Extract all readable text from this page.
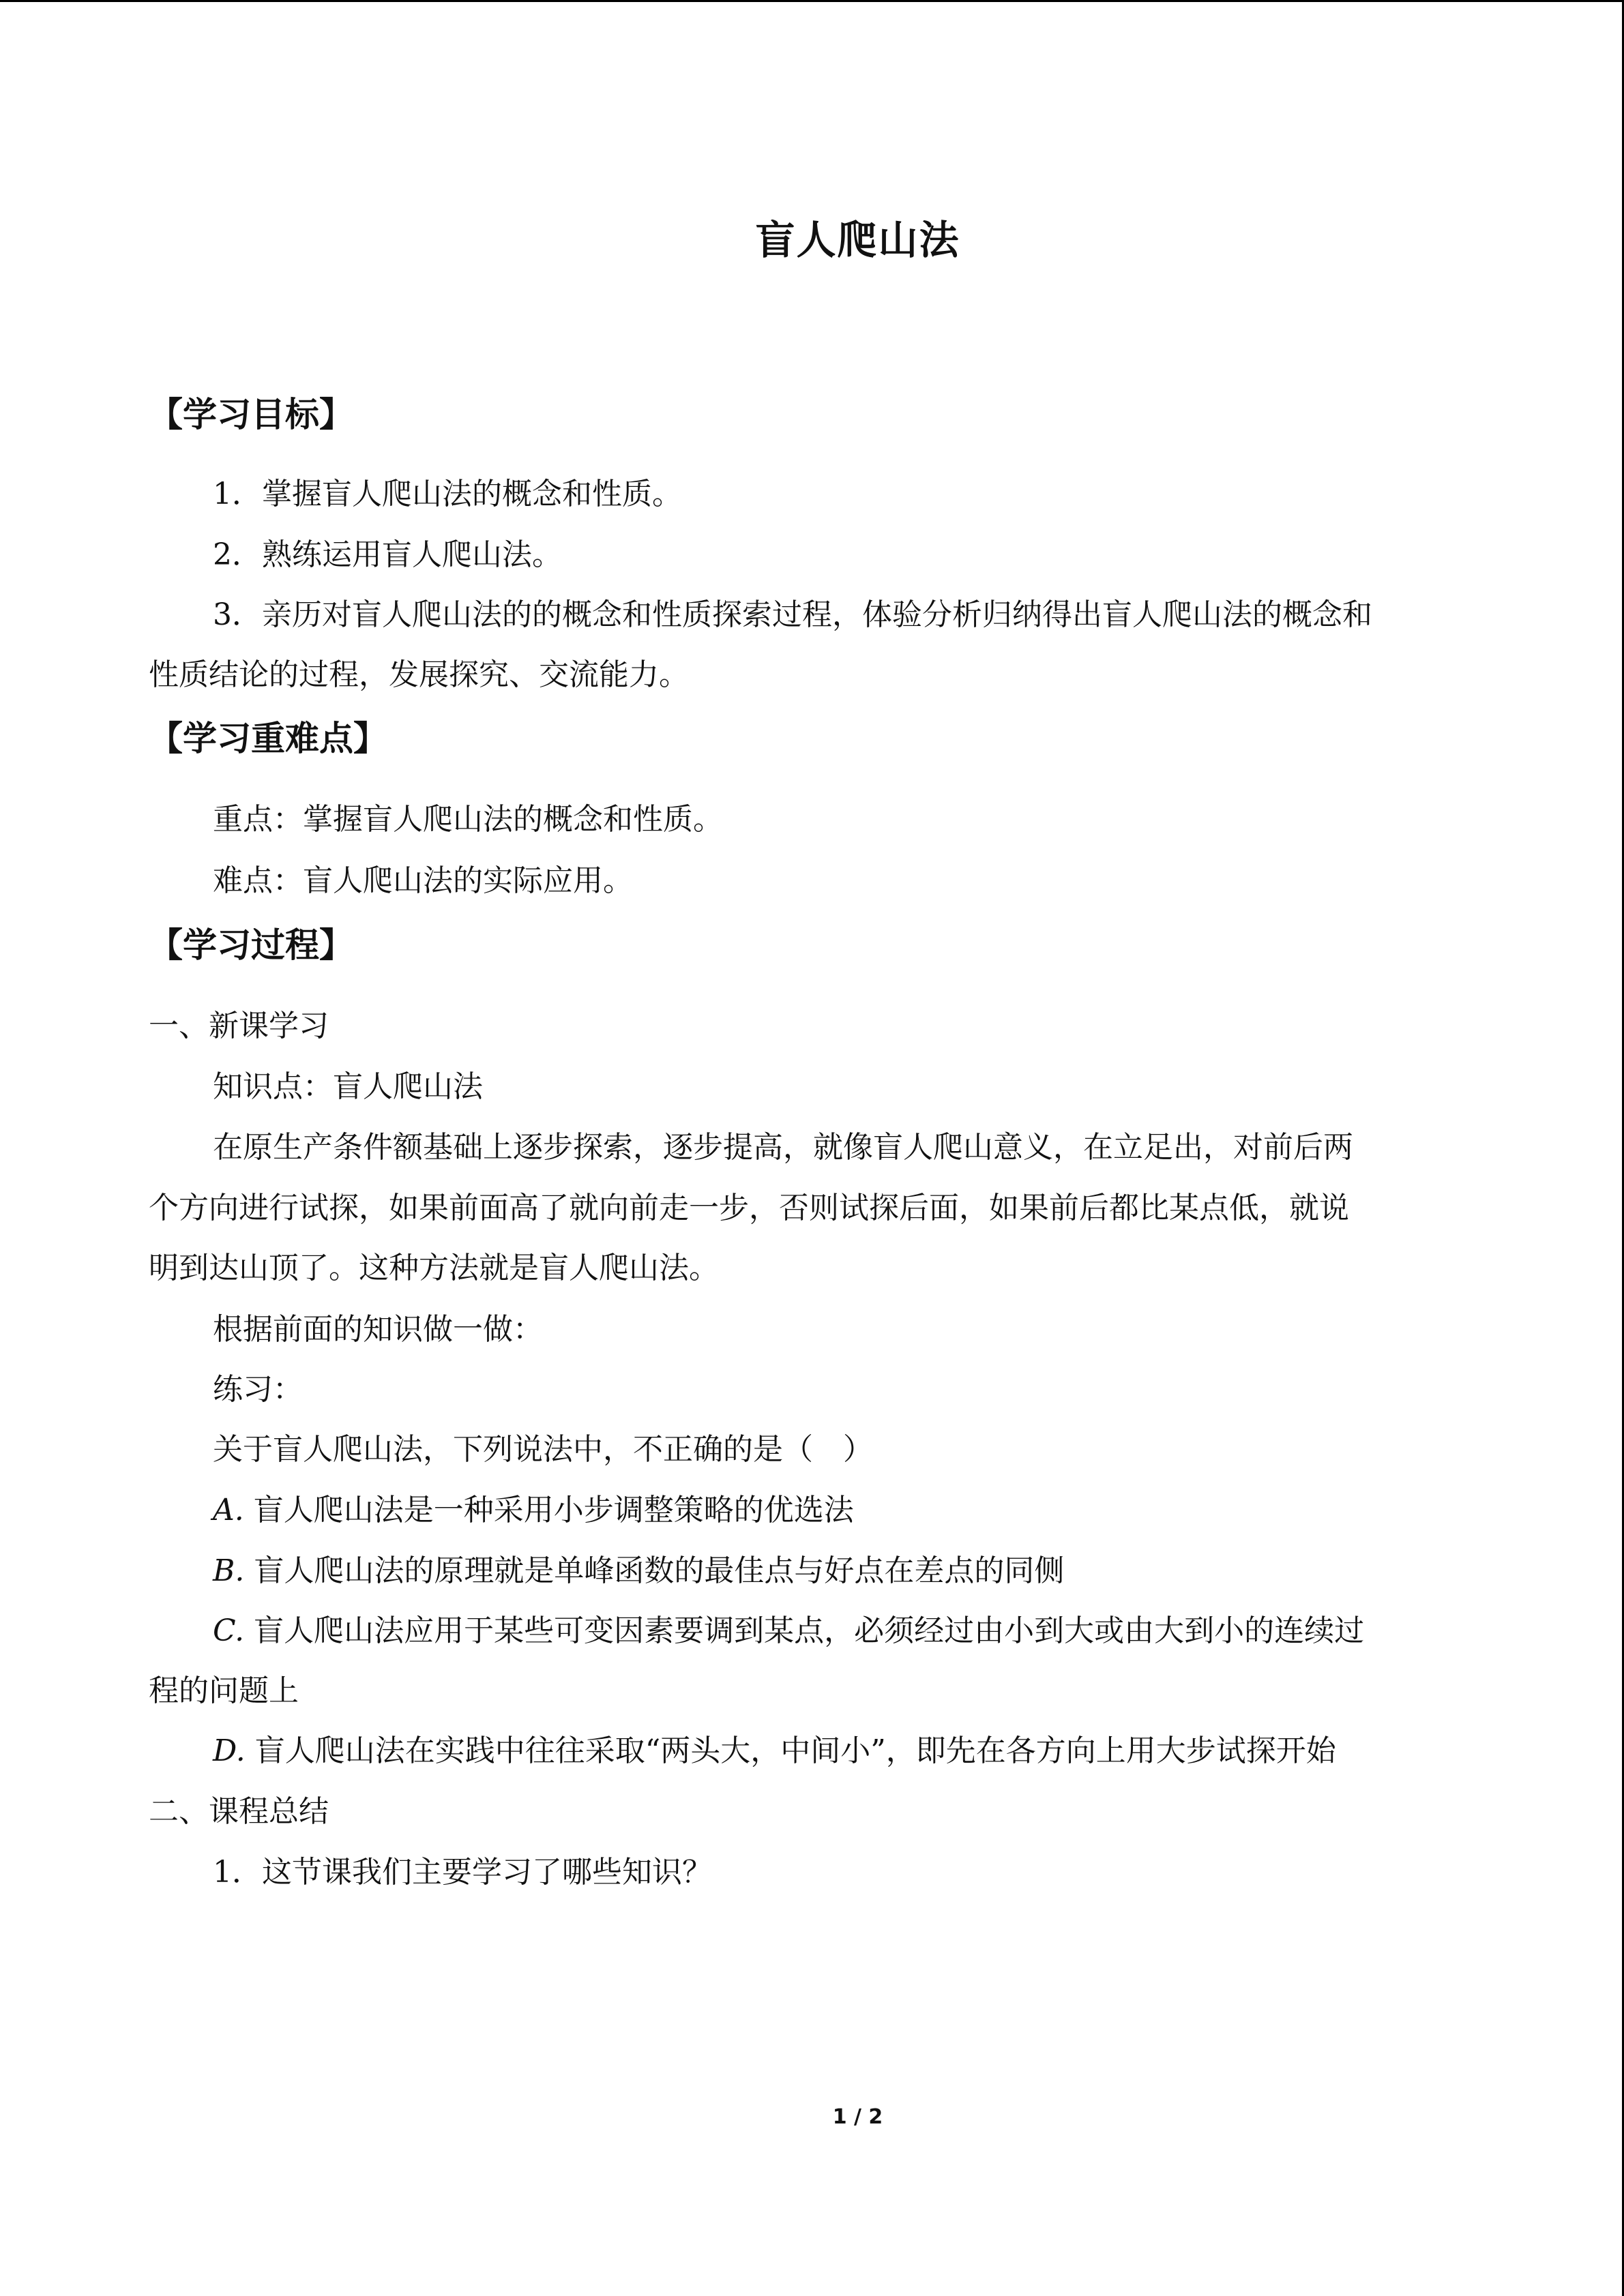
盲人爬山法
【学习目标】

1．掌握盲人爬山法的概念和性质。

2．熟练运用盲人爬山法。

3．亲历对盲人爬山法的的概念和性质探索过程，体验分析归纳得出盲人爬山法的概念和

性质结论的过程，发展探究、交流能力。

【学习重难点】

重点：掌握盲人爬山法的概念和性质。

难点：盲人爬山法的实际应用。

【学习过程】

一、新课学习

知识点：盲人爬山法

在原生产条件额基础上逐步探索，逐步提高，就像盲人爬山意义，在立足出，对前后两

个方向进行试探，如果前面高了就向前走一步，否则试探后面，如果前后都比某点低，就说

明到达山顶了。这种方法就是盲人爬山法。

根据前面的知识做一做：

练习：

关于盲人爬山法，下列说法中，不正确的是（　）

A. 盲人爬山法是一种采用小步调整策略的优选法

B. 盲人爬山法的原理就是单峰函数的最佳点与好点在差点的同侧

C. 盲人爬山法应用于某些可变因素要调到某点，必须经过由小到大或由大到小的连续过

程的问题上

D. 盲人爬山法在实践中往往采取“两头大，中间小”，即先在各方向上用大步试探开始

二、课程总结

1．这节课我们主要学习了哪些知识？

1 / 2
